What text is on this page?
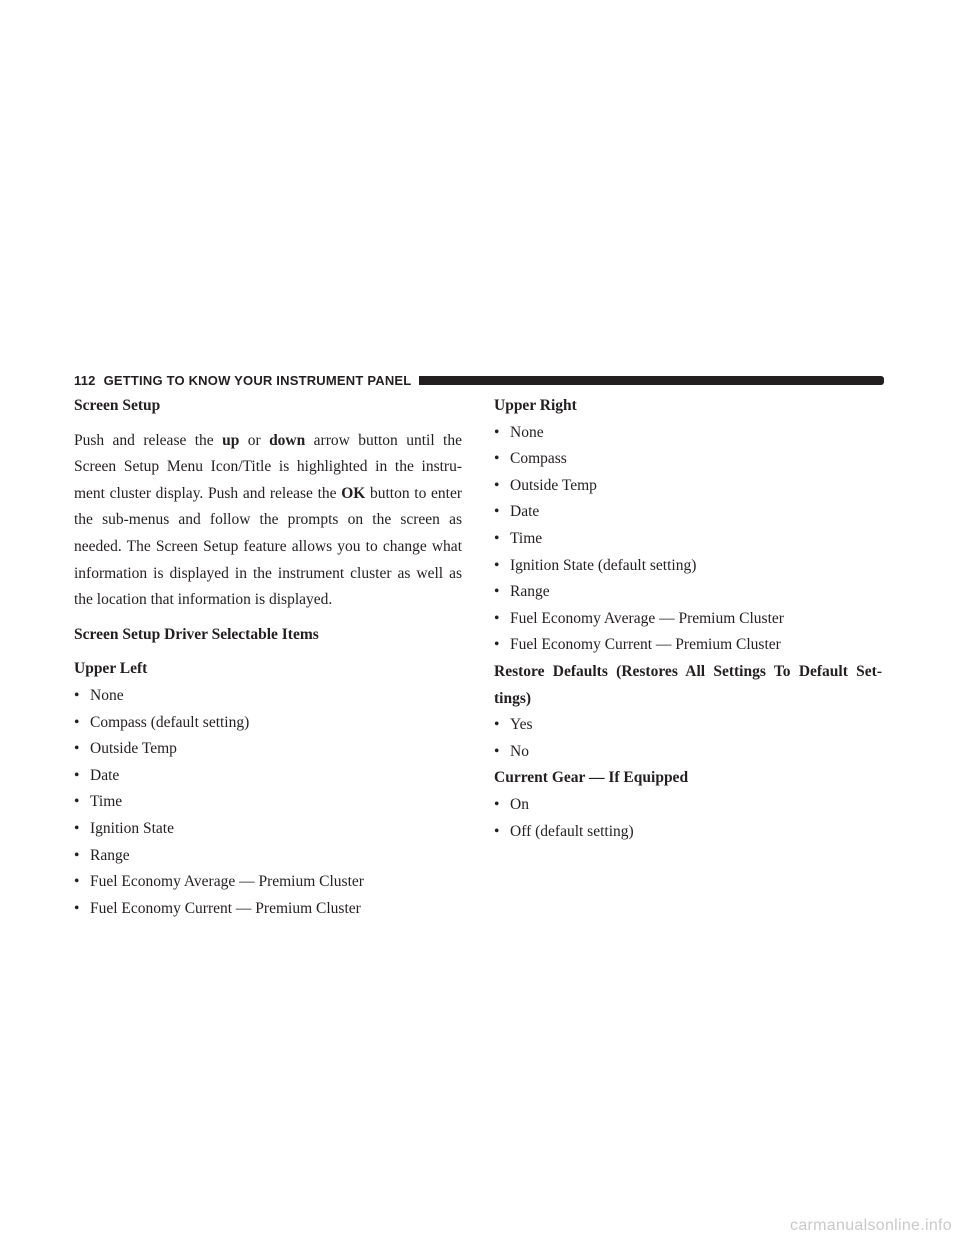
112 GETTING TO KNOW YOUR INSTRUMENT PANEL

Screen Setup

Push and release the up or down arrow button until the Screen Setup Menu Icon/Title is highlighted in the instru-ment cluster display. Push and release the OK button to enter the sub-menus and follow the prompts on the screen as needed. The Screen Setup feature allows you to change what information is displayed in the instrument cluster as well as the location that information is displayed.

Screen Setup Driver Selectable Items

Upper Left

• None
• Compass (default setting)
• Outside Temp
• Date
• Time
• Ignition State
• Range
• Fuel Economy Average — Premium Cluster
• Fuel Economy Current — Premium Cluster

Upper Right

• None
• Compass
• Outside Temp
• Date
• Time
• Ignition State (default setting)
• Range
• Fuel Economy Average — Premium Cluster
• Fuel Economy Current — Premium Cluster

Restore Defaults (Restores All Settings To Default Set-tings)

• Yes
• No

Current Gear — If Equipped

• On
• Off (default setting)
carmanualsonline.info
